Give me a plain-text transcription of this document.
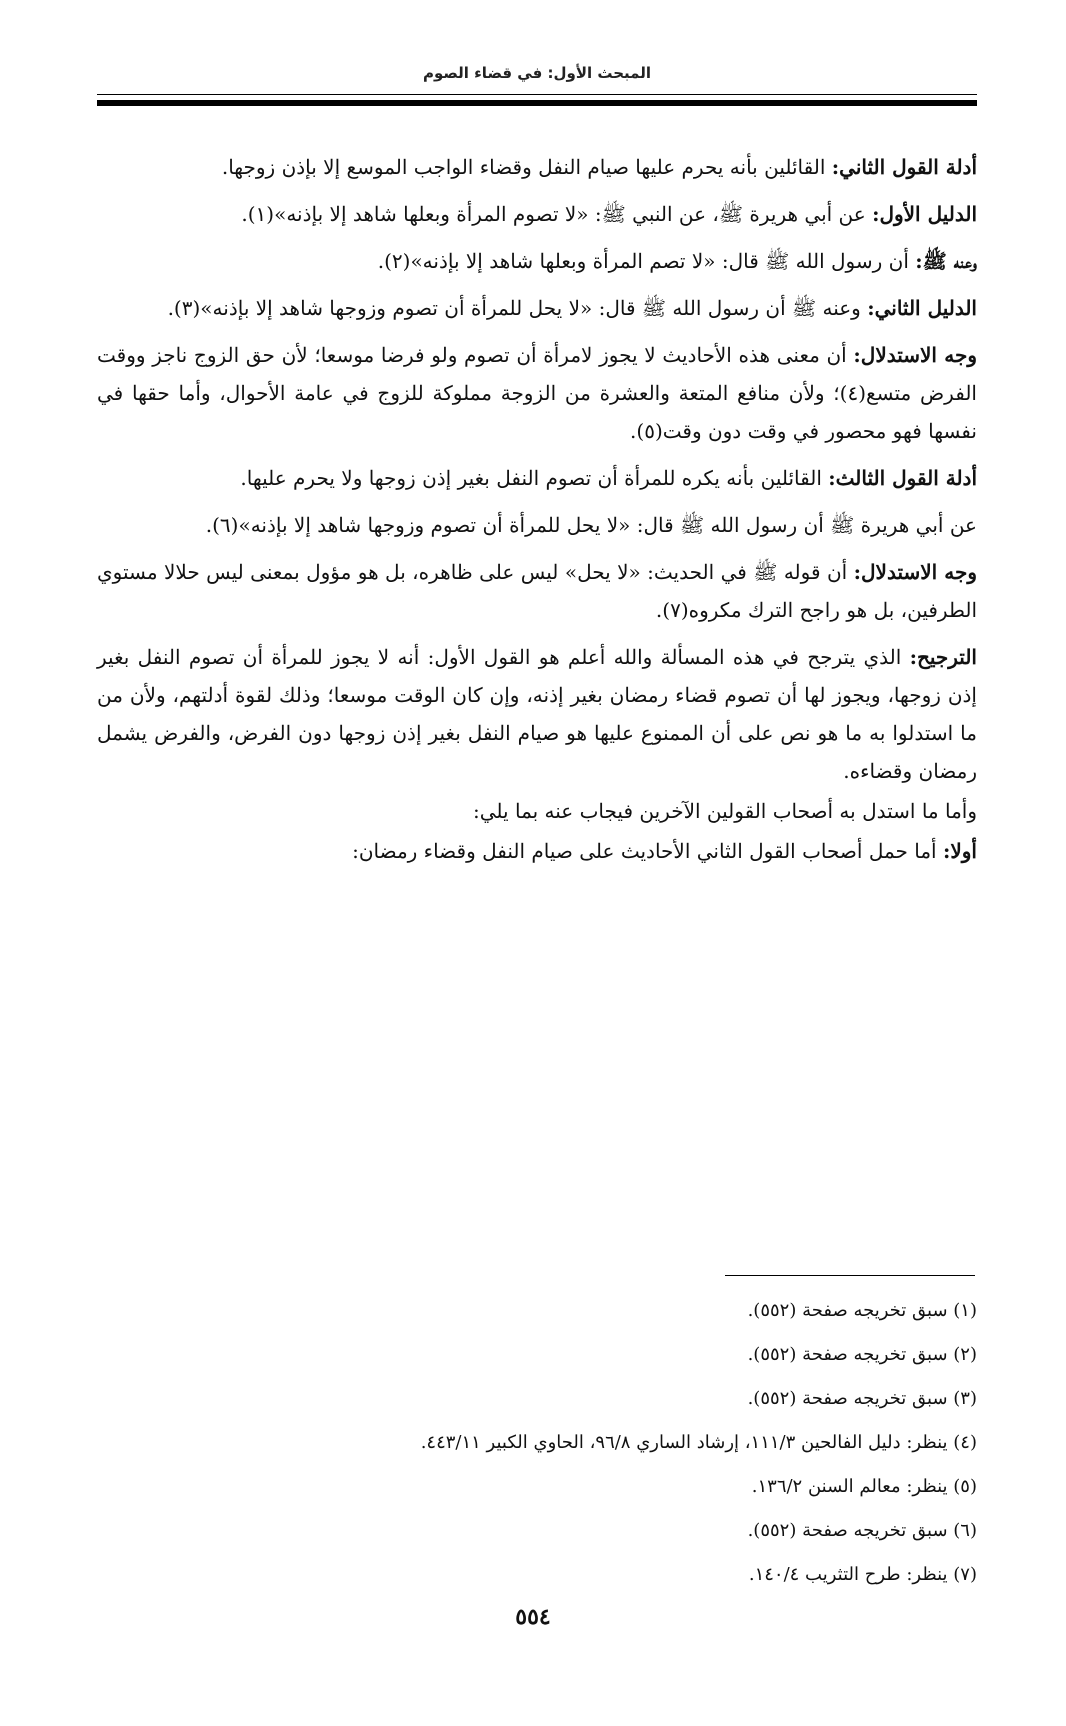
المبحث الأول: في قضاء الصوم

أدلة القول الثاني: القائلين بأنه يحرم عليها صيام النفل وقضاء الواجب الموسع إلا بإذن زوجها.

الدليل الأول: عن أبي هريرة ﷺ، عن النبي ﷺ: «لا تصوم المرأة وبعلها شاهد إلا بإذنه»(١).

وعنه ﷺ: أن رسول الله ﷺ قال: «لا تصم المرأة وبعلها شاهد إلا بإذنه»(٢).

الدليل الثاني: وعنه ﷺ أن رسول الله ﷺ قال: «لا يحل للمرأة أن تصوم وزوجها شاهد إلا بإذنه»(٣).

وجه الاستدلال: أن معنى هذه الأحاديث لا يجوز لامرأة أن تصوم ولو فرضا موسعا؛ لأن حق الزوج ناجز ووقت الفرض متسع(٤)؛ ولأن منافع المتعة والعشرة من الزوجة مملوكة للزوج في عامة الأحوال، وأما حقها في نفسها فهو محصور في وقت دون وقت(٥).

أدلة القول الثالث: القائلين بأنه يكره للمرأة أن تصوم النفل بغير إذن زوجها ولا يحرم عليها.

عن أبي هريرة ﷺ أن رسول الله ﷺ قال: «لا يحل للمرأة أن تصوم وزوجها شاهد إلا بإذنه»(٦).

وجه الاستدلال: أن قوله ﷺ في الحديث: «لا يحل» ليس على ظاهره، بل هو مؤول بمعنى ليس حلالا مستوي الطرفين، بل هو راجح الترك مكروه(٧).

الترجيح: الذي يترجح في هذه المسألة والله أعلم هو القول الأول: أنه لا يجوز للمرأة أن تصوم النفل بغير إذن زوجها، ويجوز لها أن تصوم قضاء رمضان بغير إذنه، وإن كان الوقت موسعا؛ وذلك لقوة أدلتهم، ولأن من ما استدلوا به ما هو نص على أن الممنوع عليها هو صيام النفل بغير إذن زوجها دون الفرض، والفرض يشمل رمضان وقضاءه.

وأما ما استدل به أصحاب القولين الآخرين فيجاب عنه بما يلي:

أولا: أما حمل أصحاب القول الثاني الأحاديث على صيام النفل وقضاء رمضان:

(١) سبق تخريجه صفحة (٥٥٢).
(٢) سبق تخريجه صفحة (٥٥٢).
(٣) سبق تخريجه صفحة (٥٥٢).
(٤) ينظر: دليل الفالحين ١١١/٣، إرشاد الساري ٩٦/٨، الحاوي الكبير ٤٤٣/١١.
(٥) ينظر: معالم السنن ١٣٦/٢.
(٦) سبق تخريجه صفحة (٥٥٢).
(٧) ينظر: طرح التثريب ١٤٠/٤.
٥٥٤
